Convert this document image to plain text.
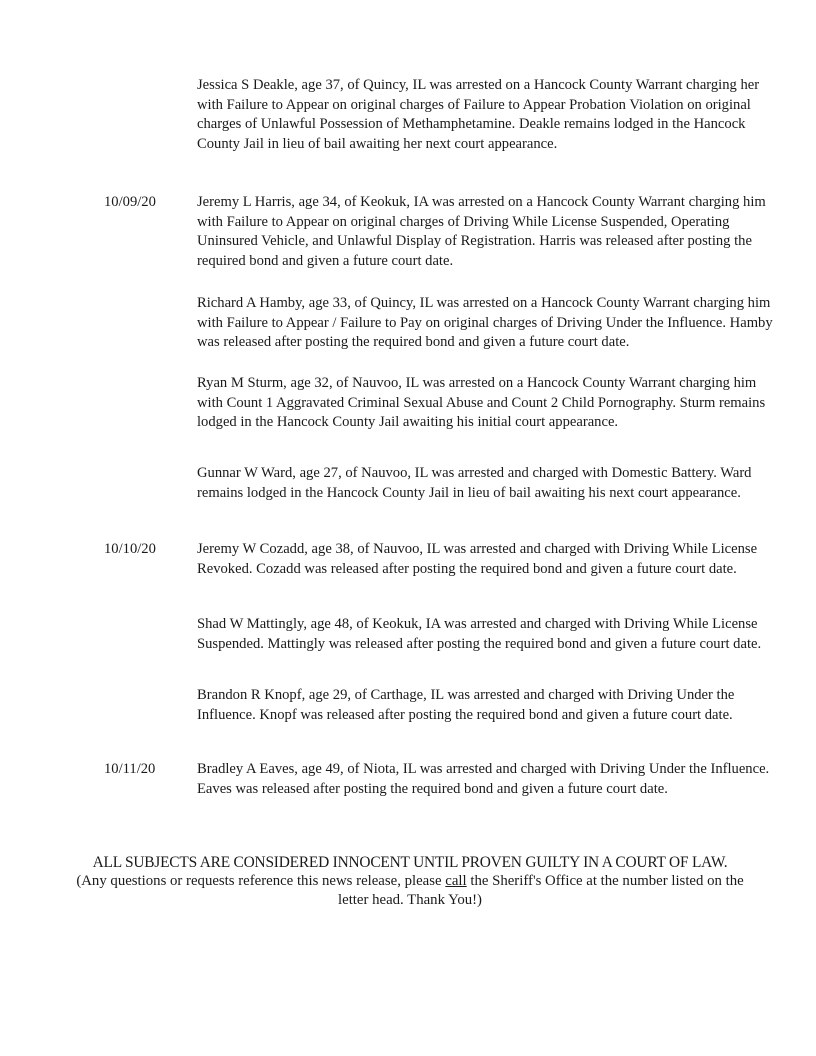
Jessica S Deakle, age 37, of Quincy, IL was arrested on a Hancock County Warrant charging her with Failure to Appear on original charges of Failure to Appear Probation Violation on original charges of Unlawful Possession of Methamphetamine. Deakle remains lodged in the Hancock County Jail in lieu of bail awaiting her next court appearance.

10/09/20	Jeremy L Harris, age 34, of Keokuk, IA was arrested on a Hancock County Warrant charging him with Failure to Appear on original charges of Driving While License Suspended, Operating Uninsured Vehicle, and Unlawful Display of Registration. Harris was released after posting the required bond and given a future court date.

Richard A Hamby, age 33, of Quincy, IL was arrested on a Hancock County Warrant charging him with Failure to Appear / Failure to Pay on original charges of Driving Under the Influence. Hamby was released after posting the required bond and given a future court date.

Ryan M Sturm, age 32, of Nauvoo, IL was arrested on a Hancock County Warrant charging him with Count 1 Aggravated Criminal Sexual Abuse and Count 2 Child Pornography. Sturm remains lodged in the Hancock County Jail awaiting his initial court appearance.

Gunnar W Ward, age 27, of Nauvoo, IL was arrested and charged with Domestic Battery. Ward remains lodged in the Hancock County Jail in lieu of bail awaiting his next court appearance.

10/10/20	Jeremy W Cozadd, age 38, of Nauvoo, IL was arrested and charged with Driving While License Revoked. Cozadd was released after posting the required bond and given a future court date.

Shad W Mattingly, age 48, of Keokuk, IA was arrested and charged with Driving While License Suspended. Mattingly was released after posting the required bond and given a future court date.

Brandon R Knopf, age 29, of Carthage, IL was arrested and charged with Driving Under the Influence. Knopf was released after posting the required bond and given a future court date.

10/11/20	Bradley A Eaves, age 49, of Niota, IL was arrested and charged with Driving Under the Influence. Eaves was released after posting the required bond and given a future court date.

ALL SUBJECTS ARE CONSIDERED INNOCENT UNTIL PROVEN GUILTY IN A COURT OF LAW.
(Any questions or requests reference this news release, please call the Sheriff's Office at the number listed on the letter head. Thank You!)
